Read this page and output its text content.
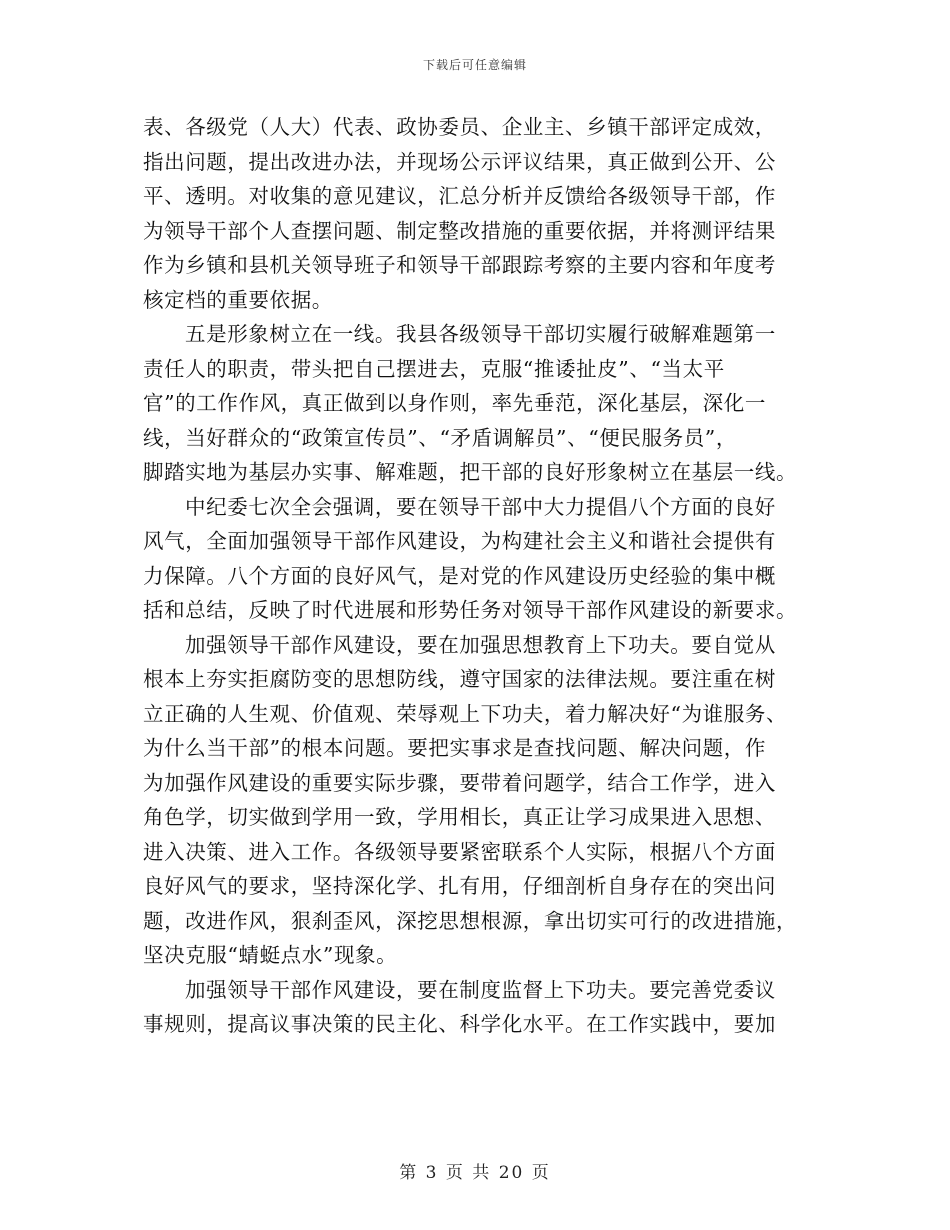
下载后可任意编辑
表、各级党（人大）代表、政协委员、企业主、乡镇干部评定成效，
指出问题，提出改进办法，并现场公示评议结果，真正做到公开、公
平、透明。对收集的意见建议，汇总分析并反馈给各级领导干部，作
为领导干部个人查摆问题、制定整改措施的重要依据，并将测评结果
作为乡镇和县机关领导班子和领导干部跟踪考察的主要内容和年度考
核定档的重要依据。
五是形象树立在一线。我县各级领导干部切实履行破解难题第一
责任人的职责，带头把自己摆进去，克服“推诿扯皮”、“当太平
官”的工作作风，真正做到以身作则，率先垂范，深化基层，深化一
线，当好群众的“政策宣传员”、“矛盾调解员”、“便民服务员”，
脚踏实地为基层办实事、解难题，把干部的良好形象树立在基层一线。
中纪委七次全会强调，要在领导干部中大力提倡八个方面的良好
风气，全面加强领导干部作风建设，为构建社会主义和谐社会提供有
力保障。八个方面的良好风气，是对党的作风建设历史经验的集中概
括和总结，反映了时代进展和形势任务对领导干部作风建设的新要求。
加强领导干部作风建设，要在加强思想教育上下功夫。要自觉从
根本上夯实拒腐防变的思想防线，遵守国家的法律法规。要注重在树
立正确的人生观、价值观、荣辱观上下功夫，着力解决好“为谁服务、
为什么当干部”的根本问题。要把实事求是查找问题、解决问题，作
为加强作风建设的重要实际步骤，要带着问题学，结合工作学，进入
角色学，切实做到学用一致，学用相长，真正让学习成果进入思想、
进入决策、进入工作。各级领导要紧密联系个人实际，根据八个方面
良好风气的要求，坚持深化学、扎有用，仔细剖析自身存在的突出问
题，改进作风，狠刹歪风，深挖思想根源，拿出切实可行的改进措施，
坚决克服“蜻蜓点水”现象。
加强领导干部作风建设，要在制度监督上下功夫。要完善党委议
事规则，提高议事决策的民主化、科学化水平。在工作实践中，要加
第 3 页 共 20 页
